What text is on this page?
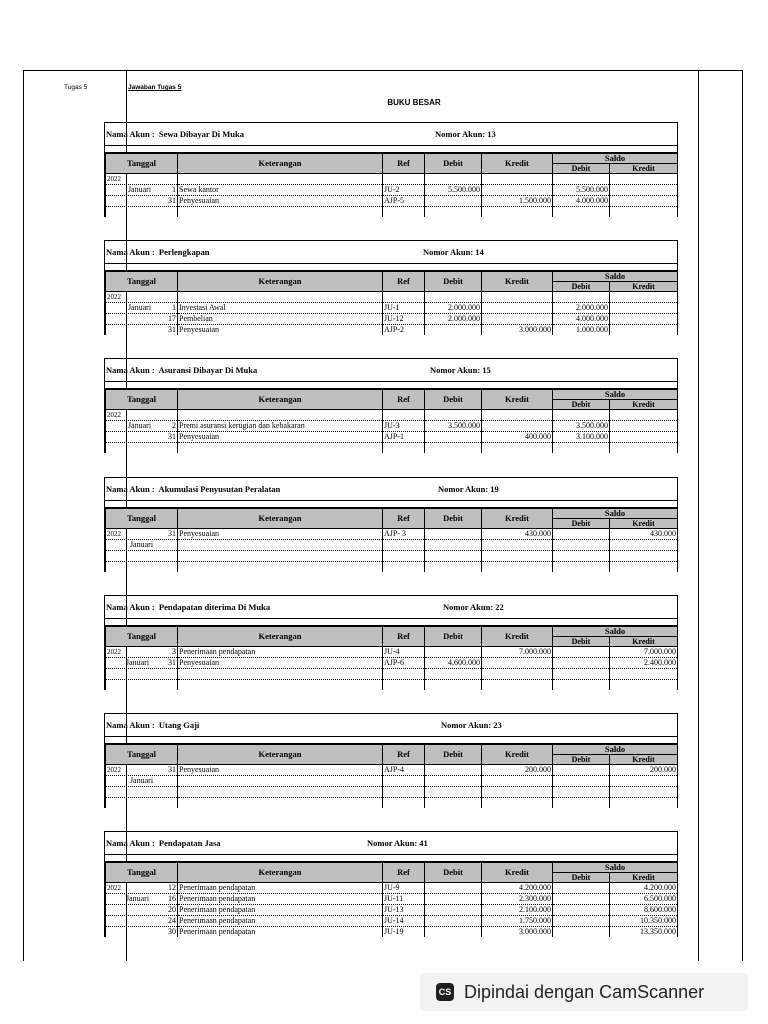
Tugas 5	Jawaban Tugas 5
BUKU BESAR
Nama Akun : Sewa Dibayar Di Muka	Nomor Akun: 13
Tanggal	Keterangan	Ref	Debit	Kredit	Saldo	
					Debit	Kredit

2022						

Januari 1	Sewa kantor	JU-2	5.500.000		5.500.000	

31	Penyesuaian	AJP-5		1.500.000	4.000.000	

Nama Akun : Perlengkapan	Nomor Akun: 14
Tanggal	Keterangan	Ref	Debit	Kredit	Saldo	
					Debit	Kredit

2022						

Januari 1	Investasi Awal	JU-1	2.000.000		2.000.000	

17	Pembelian	JU-12	2.000.000		4.000.000	

31	Penyesuaian	AJP-2		3.000.000	1.000.000	
Nama Akun : Asuransi Dibayar Di Muka	Nomor Akun: 15
Tanggal	Keterangan	Ref	Debit	Kredit	Saldo	
					Debit	Kredit

2022						

Januari 2	Premi asuransi kerugian dan kebakaran	JU-3	3.500.000		3.500.000	

31	Penyesuaian	AJP-1		400.000	3.100.000	

Nama Akun : Akumulasi Penyusutan Peralatan	Nomor Akun: 19
Tanggal	Keterangan	Ref	Debit	Kredit	Saldo	
					Debit	Kredit

2022 31	Penyesuaian	AJP- 3		430.000		430.000

Januari						

Nama Akun : Pendapatan diterima Di Muka	Nomor Akun: 22
Tanggal	Keterangan	Ref	Debit	Kredit	Saldo	
					Debit	Kredit

2022 3	Penerimaan pendapatan	JU-4		7.000.000		7.000.000

Januari 31	Penyesuaian	AJP-6	4.600.000			2.400.000

Nama Akun : Utang Gaji	Nomor Akun: 23
Tanggal	Keterangan	Ref	Debit	Kredit	Saldo	
					Debit	Kredit

2022 31	Penyesuaian	AJP-4		200.000		200.000

Januari						

Nama Akun : Pendapatan Jasa	Nomor Akun: 41
Tanggal	Keterangan	Ref	Debit	Kredit	Saldo	
					Debit	Kredit

2022 12	Penerimaan pendapatan	JU-9		4.200.000		4.200.000

Januari 16	Penerimaan pendapatan	JU-11		2.300.000		6.500.000

20	Penerimaan pendapatan	JU-13		2.100.000		8.600.000

24	Penerimaan pendapatan	JU-14		1.750.000		10.350.000

30	Penerimaan pendapatan	JU-19		3.000.000		13.350.000
CS Dipindai dengan CamScanner
